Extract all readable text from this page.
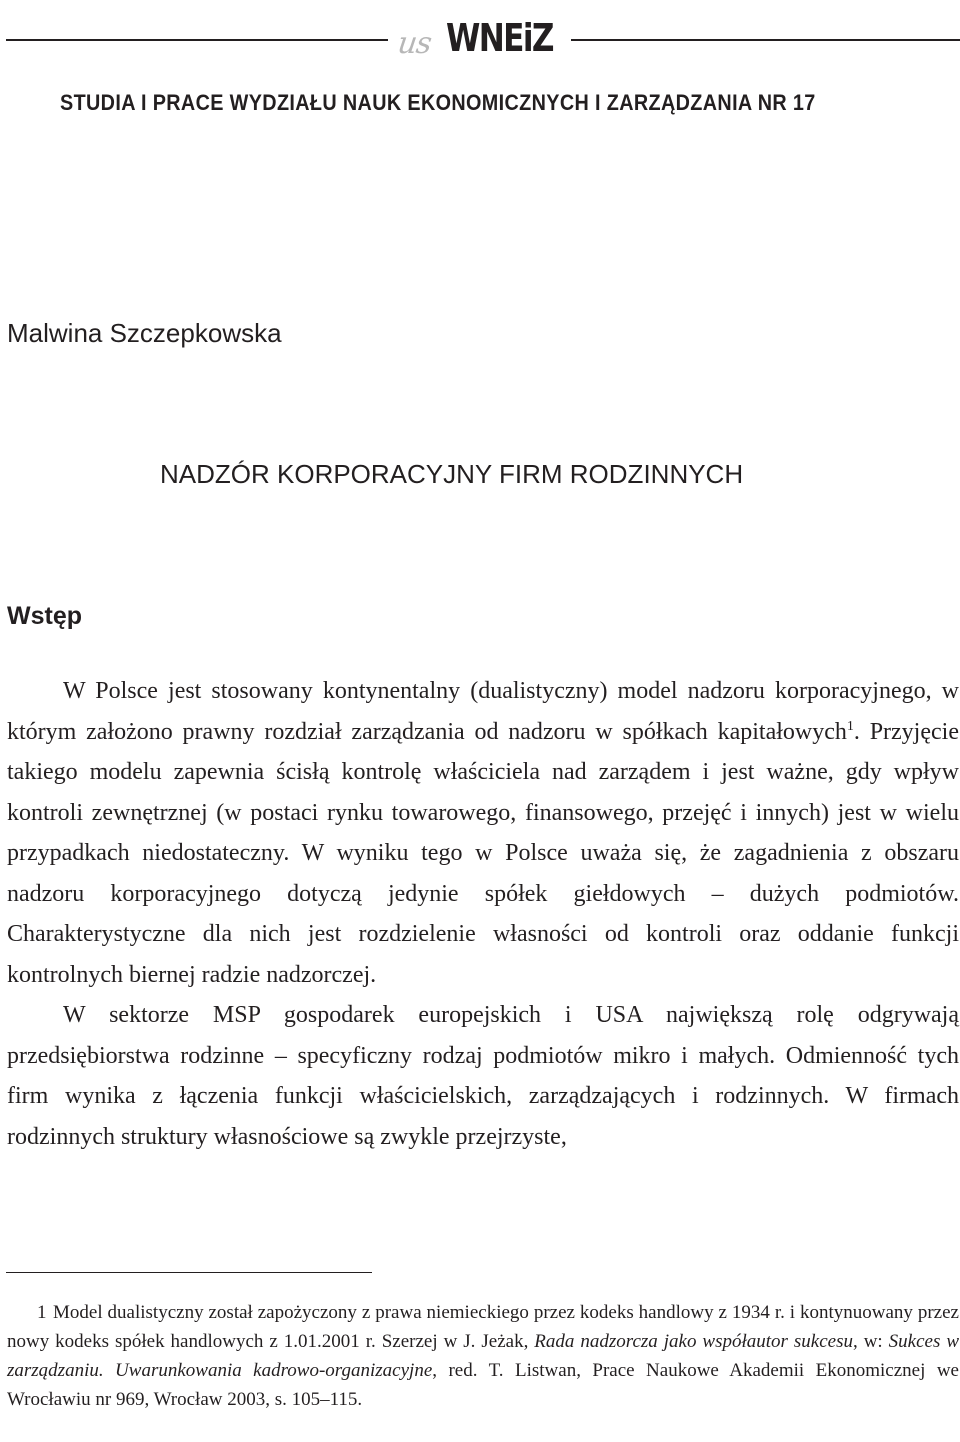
us WNEiZ
STUDIA I PRACE WYDZIAŁU NAUK EKONOMICZNYCH I ZARZĄDZANIA NR 17
Malwina Szczepkowska
NADZÓR KORPORACYJNY FIRM RODZINNYCH
Wstęp

W Polsce jest stosowany kontynentalny (dualistyczny) model nadzoru korporacyjnego, w którym założono prawny rozdział zarządzania od nadzoru w spółkach kapitałowych$^1$. Przyjęcie takiego modelu zapewnia ścisłą kontrolę właściciela nad zarządem i jest ważne, gdy wpływ kontroli zewnętrznej (w postaci rynku towarowego, finansowego, przejęć i innych) jest w wielu przypadkach niedostateczny. W wyniku tego w Polsce uważa się, że zagadnienia z obszaru nadzoru korporacyjnego dotyczą jedynie spółek giełdowych – dużych podmiotów. Charakterystyczne dla nich jest rozdzielenie własności od kontroli oraz oddanie funkcji kontrolnych biernej radzie nadzorczej.

W sektorze MSP gospodarek europejskich i USA największą rolę odgrywają przedsiębiorstwa rodzinne – specyficzny rodzaj podmiotów mikro i małych. Odmienność tych firm wynika z łączenia funkcji właścicielskich, zarządzających i rodzinnych. W firmach rodzinnych struktury własnościowe są zwykle przejrzyste,

1 Model dualistyczny został zapożyczony z prawa niemieckiego przez kodeks handlowy z 1934 r. i kontynuowany przez nowy kodeks spółek handlowych z 1.01.2001 r. Szerzej w J. Jeżak, Rada nadzorcza jako współautor sukcesu, w: Sukces w zarządzaniu. Uwarunkowania kadrowo-organizacyjne, red. T. Listwan, Prace Naukowe Akademii Ekonomicznej we Wrocławiu nr 969, Wrocław 2003, s. 105–115.
